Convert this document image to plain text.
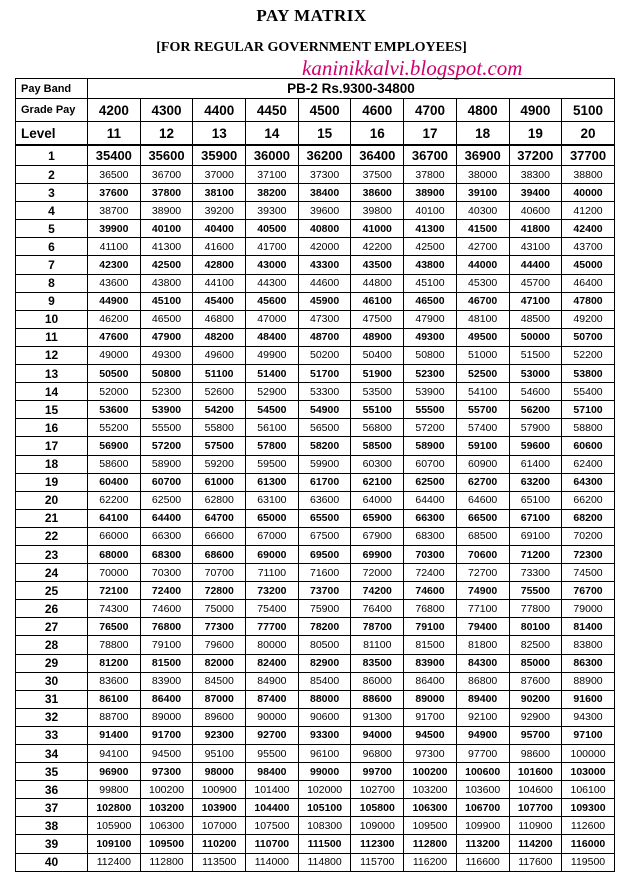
PAY MATRIX
[FOR REGULAR GOVERNMENT EMPLOYEES]
kaninikkalvi.blogspot.com
Pay Band	PB-2 Rs.9300-34800									
Grade Pay	4200	4300	4400	4450	4500	4600	4700	4800	4900	5100
Level	11	12	13	14	15	16	17	18	19	20
1	35400	35600	35900	36000	36200	36400	36700	36900	37200	37700
2	36500	36700	37000	37100	37300	37500	37800	38000	38300	38800
3	37600	37800	38100	38200	38400	38600	38900	39100	39400	40000
4	38700	38900	39200	39300	39600	39800	40100	40300	40600	41200
5	39900	40100	40400	40500	40800	41000	41300	41500	41800	42400
6	41100	41300	41600	41700	42000	42200	42500	42700	43100	43700
7	42300	42500	42800	43000	43300	43500	43800	44000	44400	45000
8	43600	43800	44100	44300	44600	44800	45100	45300	45700	46400
9	44900	45100	45400	45600	45900	46100	46500	46700	47100	47800
10	46200	46500	46800	47000	47300	47500	47900	48100	48500	49200
11	47600	47900	48200	48400	48700	48900	49300	49500	50000	50700
12	49000	49300	49600	49900	50200	50400	50800	51000	51500	52200
13	50500	50800	51100	51400	51700	51900	52300	52500	53000	53800
14	52000	52300	52600	52900	53300	53500	53900	54100	54600	55400
15	53600	53900	54200	54500	54900	55100	55500	55700	56200	57100
16	55200	55500	55800	56100	56500	56800	57200	57400	57900	58800
17	56900	57200	57500	57800	58200	58500	58900	59100	59600	60600
18	58600	58900	59200	59500	59900	60300	60700	60900	61400	62400
19	60400	60700	61000	61300	61700	62100	62500	62700	63200	64300
20	62200	62500	62800	63100	63600	64000	64400	64600	65100	66200
21	64100	64400	64700	65000	65500	65900	66300	66500	67100	68200
22	66000	66300	66600	67000	67500	67900	68300	68500	69100	70200
23	68000	68300	68600	69000	69500	69900	70300	70600	71200	72300
24	70000	70300	70700	71100	71600	72000	72400	72700	73300	74500
25	72100	72400	72800	73200	73700	74200	74600	74900	75500	76700
26	74300	74600	75000	75400	75900	76400	76800	77100	77800	79000
27	76500	76800	77300	77700	78200	78700	79100	79400	80100	81400
28	78800	79100	79600	80000	80500	81100	81500	81800	82500	83800
29	81200	81500	82000	82400	82900	83500	83900	84300	85000	86300
30	83600	83900	84500	84900	85400	86000	86400	86800	87600	88900
31	86100	86400	87000	87400	88000	88600	89000	89400	90200	91600
32	88700	89000	89600	90000	90600	91300	91700	92100	92900	94300
33	91400	91700	92300	92700	93300	94000	94500	94900	95700	97100
34	94100	94500	95100	95500	96100	96800	97300	97700	98600	100000
35	96900	97300	98000	98400	99000	99700	100200	100600	101600	103000
36	99800	100200	100900	101400	102000	102700	103200	103600	104600	106100
37	102800	103200	103900	104400	105100	105800	106300	106700	107700	109300
38	105900	106300	107000	107500	108300	109000	109500	109900	110900	112600
39	109100	109500	110200	110700	111500	112300	112800	113200	114200	116000
40	112400	112800	113500	114000	114800	115700	116200	116600	117600	119500
